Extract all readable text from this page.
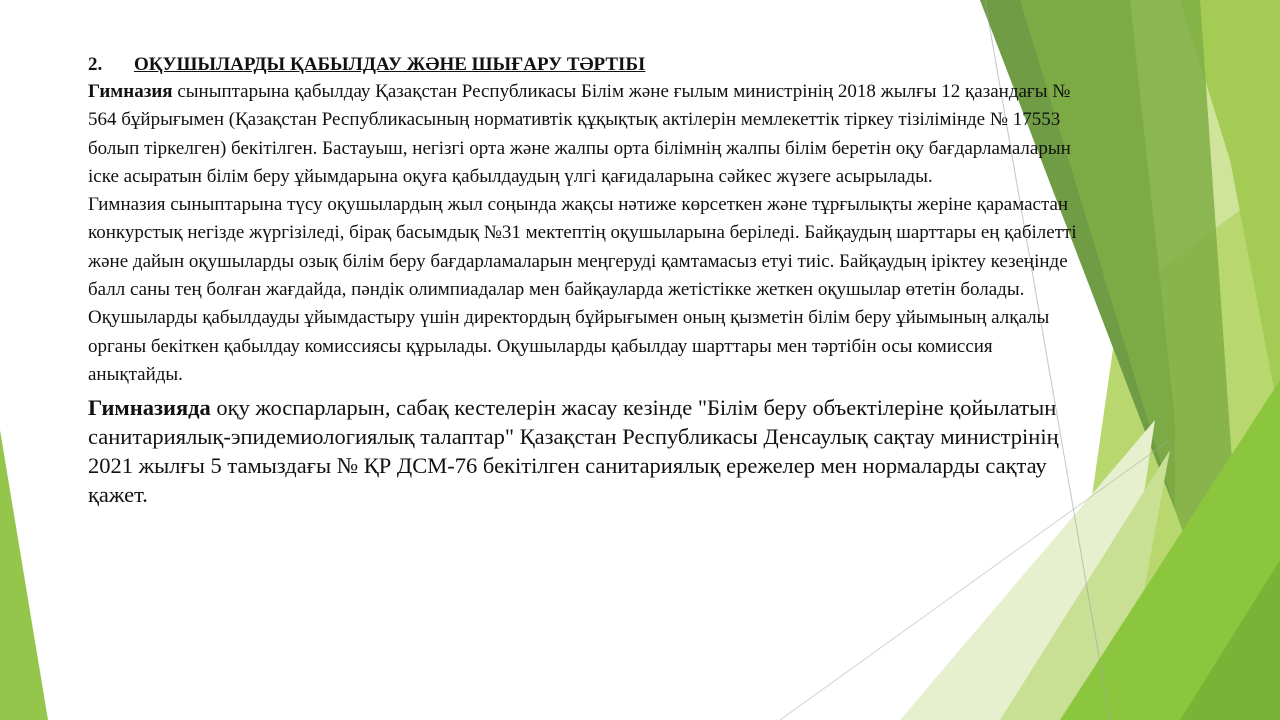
2. ОҚУШЫЛАРДЫ ҚАБЫЛДАУ ЖӘНЕ ШЫҒАРУ ТӘРТІБІ

Гимназия сыныптарына қабылдау Қазақстан Республикасы Білім және ғылым министрінің 2018 жылғы 12 қазандағы № 564 бұйрығымен (Қазақстан Республикасының нормативтік құқықтық актілерін мемлекеттік тіркеу тізілімінде № 17553 болып тіркелген) бекітілген. Бастауыш, негізгі орта және жалпы орта білімнің жалпы білім беретін оқу бағдарламаларын іске асыратын білім беру ұйымдарына оқуға қабылдаудың үлгі қағидаларына сәйкес жүзеге асырылады.

Гимназия сыныптарына түсу оқушылардың жыл соңында жақсы нәтиже көрсеткен және тұрғылықты жеріне қарамастан конкурстық негізде жүргізіледі, бірақ басымдық №31 мектептің оқушыларына беріледі. Байқаудың шарттары ең қабілетті және дайын оқушыларды озық білім беру бағдарламаларын меңгеруді қамтамасыз етуі тиіс. Байқаудың іріктеу кезеңінде балл саны тең болған жағдайда, пәндік олимпиадалар мен байқауларда жетістікке жеткен оқушылар өтетін болады.

Оқушыларды қабылдауды ұйымдастыру үшін директордың бұйрығымен оның қызметін білім беру ұйымының алқалы органы бекіткен қабылдау комиссиясы құрылады. Оқушыларды қабылдау шарттары мен тәртібін осы комиссия анықтайды.

Гимназияда оқу жоспарларын, сабақ кестелерін жасау кезінде "Білім беру объектілеріне қойылатын санитариялық-эпидемиологиялық талаптар" Қазақстан Республикасы Денсаулық сақтау министрінің 2021 жылғы 5 тамыздағы № ҚР ДСМ-76 бекітілген санитариялық ережелер мен нормаларды сақтау қажет.
